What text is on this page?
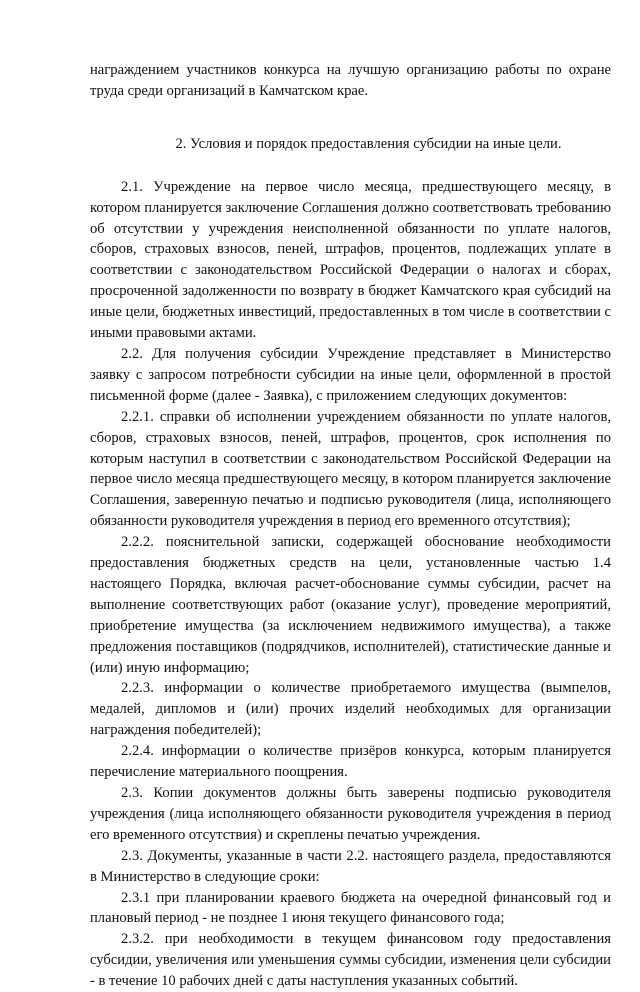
награждением участников конкурса на лучшую организацию работы по охране труда среди организаций в Камчатском крае.

2. Условия и порядок предоставления субсидии на иные цели.

2.1. Учреждение на первое число месяца, предшествующего месяцу, в котором планируется заключение Соглашения должно соответствовать требованию об отсутствии у учреждения неисполненной обязанности по уплате налогов, сборов, страховых взносов, пеней, штрафов, процентов, подлежащих уплате в соответствии с законодательством Российской Федерации о налогах и сборах, просроченной задолженности по возврату в бюджет Камчатского края субсидий на иные цели, бюджетных инвестиций, предоставленных в том числе в соответствии с иными правовыми актами.

2.2. Для получения субсидии Учреждение представляет в Министерство заявку с запросом потребности субсидии на иные цели, оформленной в простой письменной форме (далее - Заявка), с приложением следующих документов:

2.2.1. справки об исполнении учреждением обязанности по уплате налогов, сборов, страховых взносов, пеней, штрафов, процентов, срок исполнения по которым наступил в соответствии с законодательством Российской Федерации на первое число месяца предшествующего месяцу, в котором планируется заключение Соглашения, заверенную печатью и подписью руководителя (лица, исполняющего обязанности руководителя учреждения в период его временного отсутствия);

2.2.2. пояснительной записки, содержащей обоснование необходимости предоставления бюджетных средств на цели, установленные частью 1.4 настоящего Порядка, включая расчет-обоснование суммы субсидии, расчет на выполнение соответствующих работ (оказание услуг), проведение мероприятий, приобретение имущества (за исключением недвижимого имущества), а также предложения поставщиков (подрядчиков, исполнителей), статистические данные и (или) иную информацию;

2.2.3. информации о количестве приобретаемого имущества (вымпелов, медалей, дипломов и (или) прочих изделий необходимых для организации награждения победителей);

2.2.4. информации о количестве призёров конкурса, которым планируется перечисление материального поощрения.

2.3. Копии документов должны быть заверены подписью руководителя учреждения (лица исполняющего обязанности руководителя учреждения в период его временного отсутствия) и скреплены печатью учреждения.

2.3. Документы, указанные в части 2.2. настоящего раздела, предоставляются в Министерство в следующие сроки:

2.3.1 при планировании краевого бюджета на очередной финансовый год и плановый период - не позднее 1 июня текущего финансового года;

2.3.2. при необходимости в текущем финансовом году предоставления субсидии, увеличения или уменьшения суммы субсидии, изменения цели субсидии - в течение 10 рабочих дней с даты наступления указанных событий.
